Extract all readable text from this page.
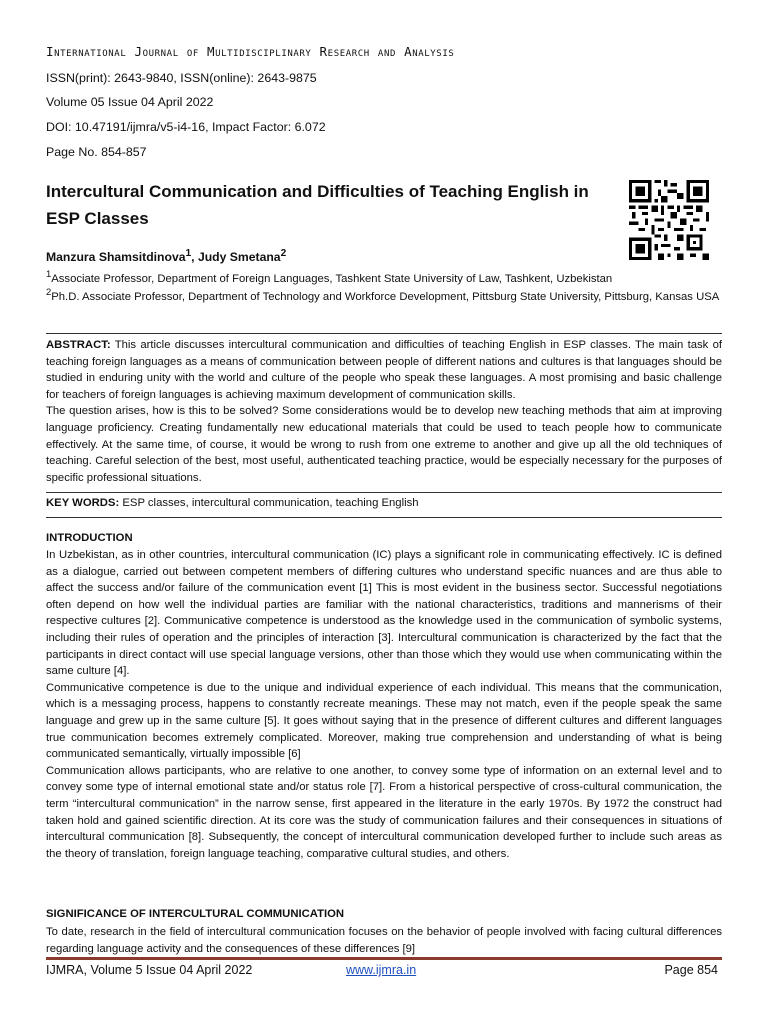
International Journal of Multidisciplinary Research and Analysis
ISSN(print): 2643-9840, ISSN(online): 2643-9875
Volume 05 Issue 04 April 2022
DOI: 10.47191/ijmra/v5-i4-16, Impact Factor: 6.072
Page No. 854-857
Intercultural Communication and Difficulties of Teaching English in ESP Classes
Manzura Shamsitdinova$^1$, Judy Smetana$^2$
$^1$Associate Professor, Department of Foreign Languages, Tashkent State University of Law, Tashkent, Uzbekistan
$^2$Ph.D. Associate Professor, Department of Technology and Workforce Development, Pittsburg State University, Pittsburg, Kansas USA

ABSTRACT: This article discusses intercultural communication and difficulties of teaching English in ESP classes. The main task of teaching foreign languages as a means of communication between people of different nations and cultures is that languages should be studied in enduring unity with the world and culture of the people who speak these languages. A most promising and basic challenge for teachers of foreign languages is achieving maximum development of communication skills.

The question arises, how is this to be solved? Some considerations would be to develop new teaching methods that aim at improving language proficiency. Creating fundamentally new educational materials that could be used to teach people how to communicate effectively. At the same time, of course, it would be wrong to rush from one extreme to another and give up all the old techniques of teaching. Careful selection of the best, most useful, authenticated teaching practice, would be especially necessary for the purposes of specific professional situations.

KEY WORDS: ESP classes, intercultural communication, teaching English
INTRODUCTION

In Uzbekistan, as in other countries, intercultural communication (IC) plays a significant role in communicating effectively. IC is defined as a dialogue, carried out between competent members of differing cultures who understand specific nuances and are thus able to affect the success and/or failure of the communication event [1] This is most evident in the business sector. Successful negotiations often depend on how well the individual parties are familiar with the national characteristics, traditions and mannerisms of their respective cultures [2]. Communicative competence is understood as the knowledge used in the communication of symbolic systems, including their rules of operation and the principles of interaction [3]. Intercultural communication is characterized by the fact that the participants in direct contact will use special language versions, other than those which they would use when communicating within the same culture [4].

Communicative competence is due to the unique and individual experience of each individual. This means that the communication, which is a messaging process, happens to constantly recreate meanings. These may not match, even if the people speak the same language and grew up in the same culture [5]. It goes without saying that in the presence of different cultures and different languages true communication becomes extremely complicated. Moreover, making true comprehension and understanding of what is being communicated semantically, virtually impossible [6]

Communication allows participants, who are relative to one another, to convey some type of information on an external level and to convey some type of internal emotional state and/or status role [7]. From a historical perspective of cross-cultural communication, the term “intercultural communication” in the narrow sense, first appeared in the literature in the early 1970s. By 1972 the construct had taken hold and gained scientific direction. At its core was the study of communication failures and their consequences in situations of intercultural communication [8]. Subsequently, the concept of intercultural communication developed further to include such areas as the theory of translation, foreign language teaching, comparative cultural studies, and others.

SIGNIFICANCE OF INTERCULTURAL COMMUNICATION

To date, research in the field of intercultural communication focuses on the behavior of people involved with facing cultural differences regarding language activity and the consequences of these differences [9]

IJMRA, Volume 5 Issue 04 April 2022	www.ijmra.in	Page 854
